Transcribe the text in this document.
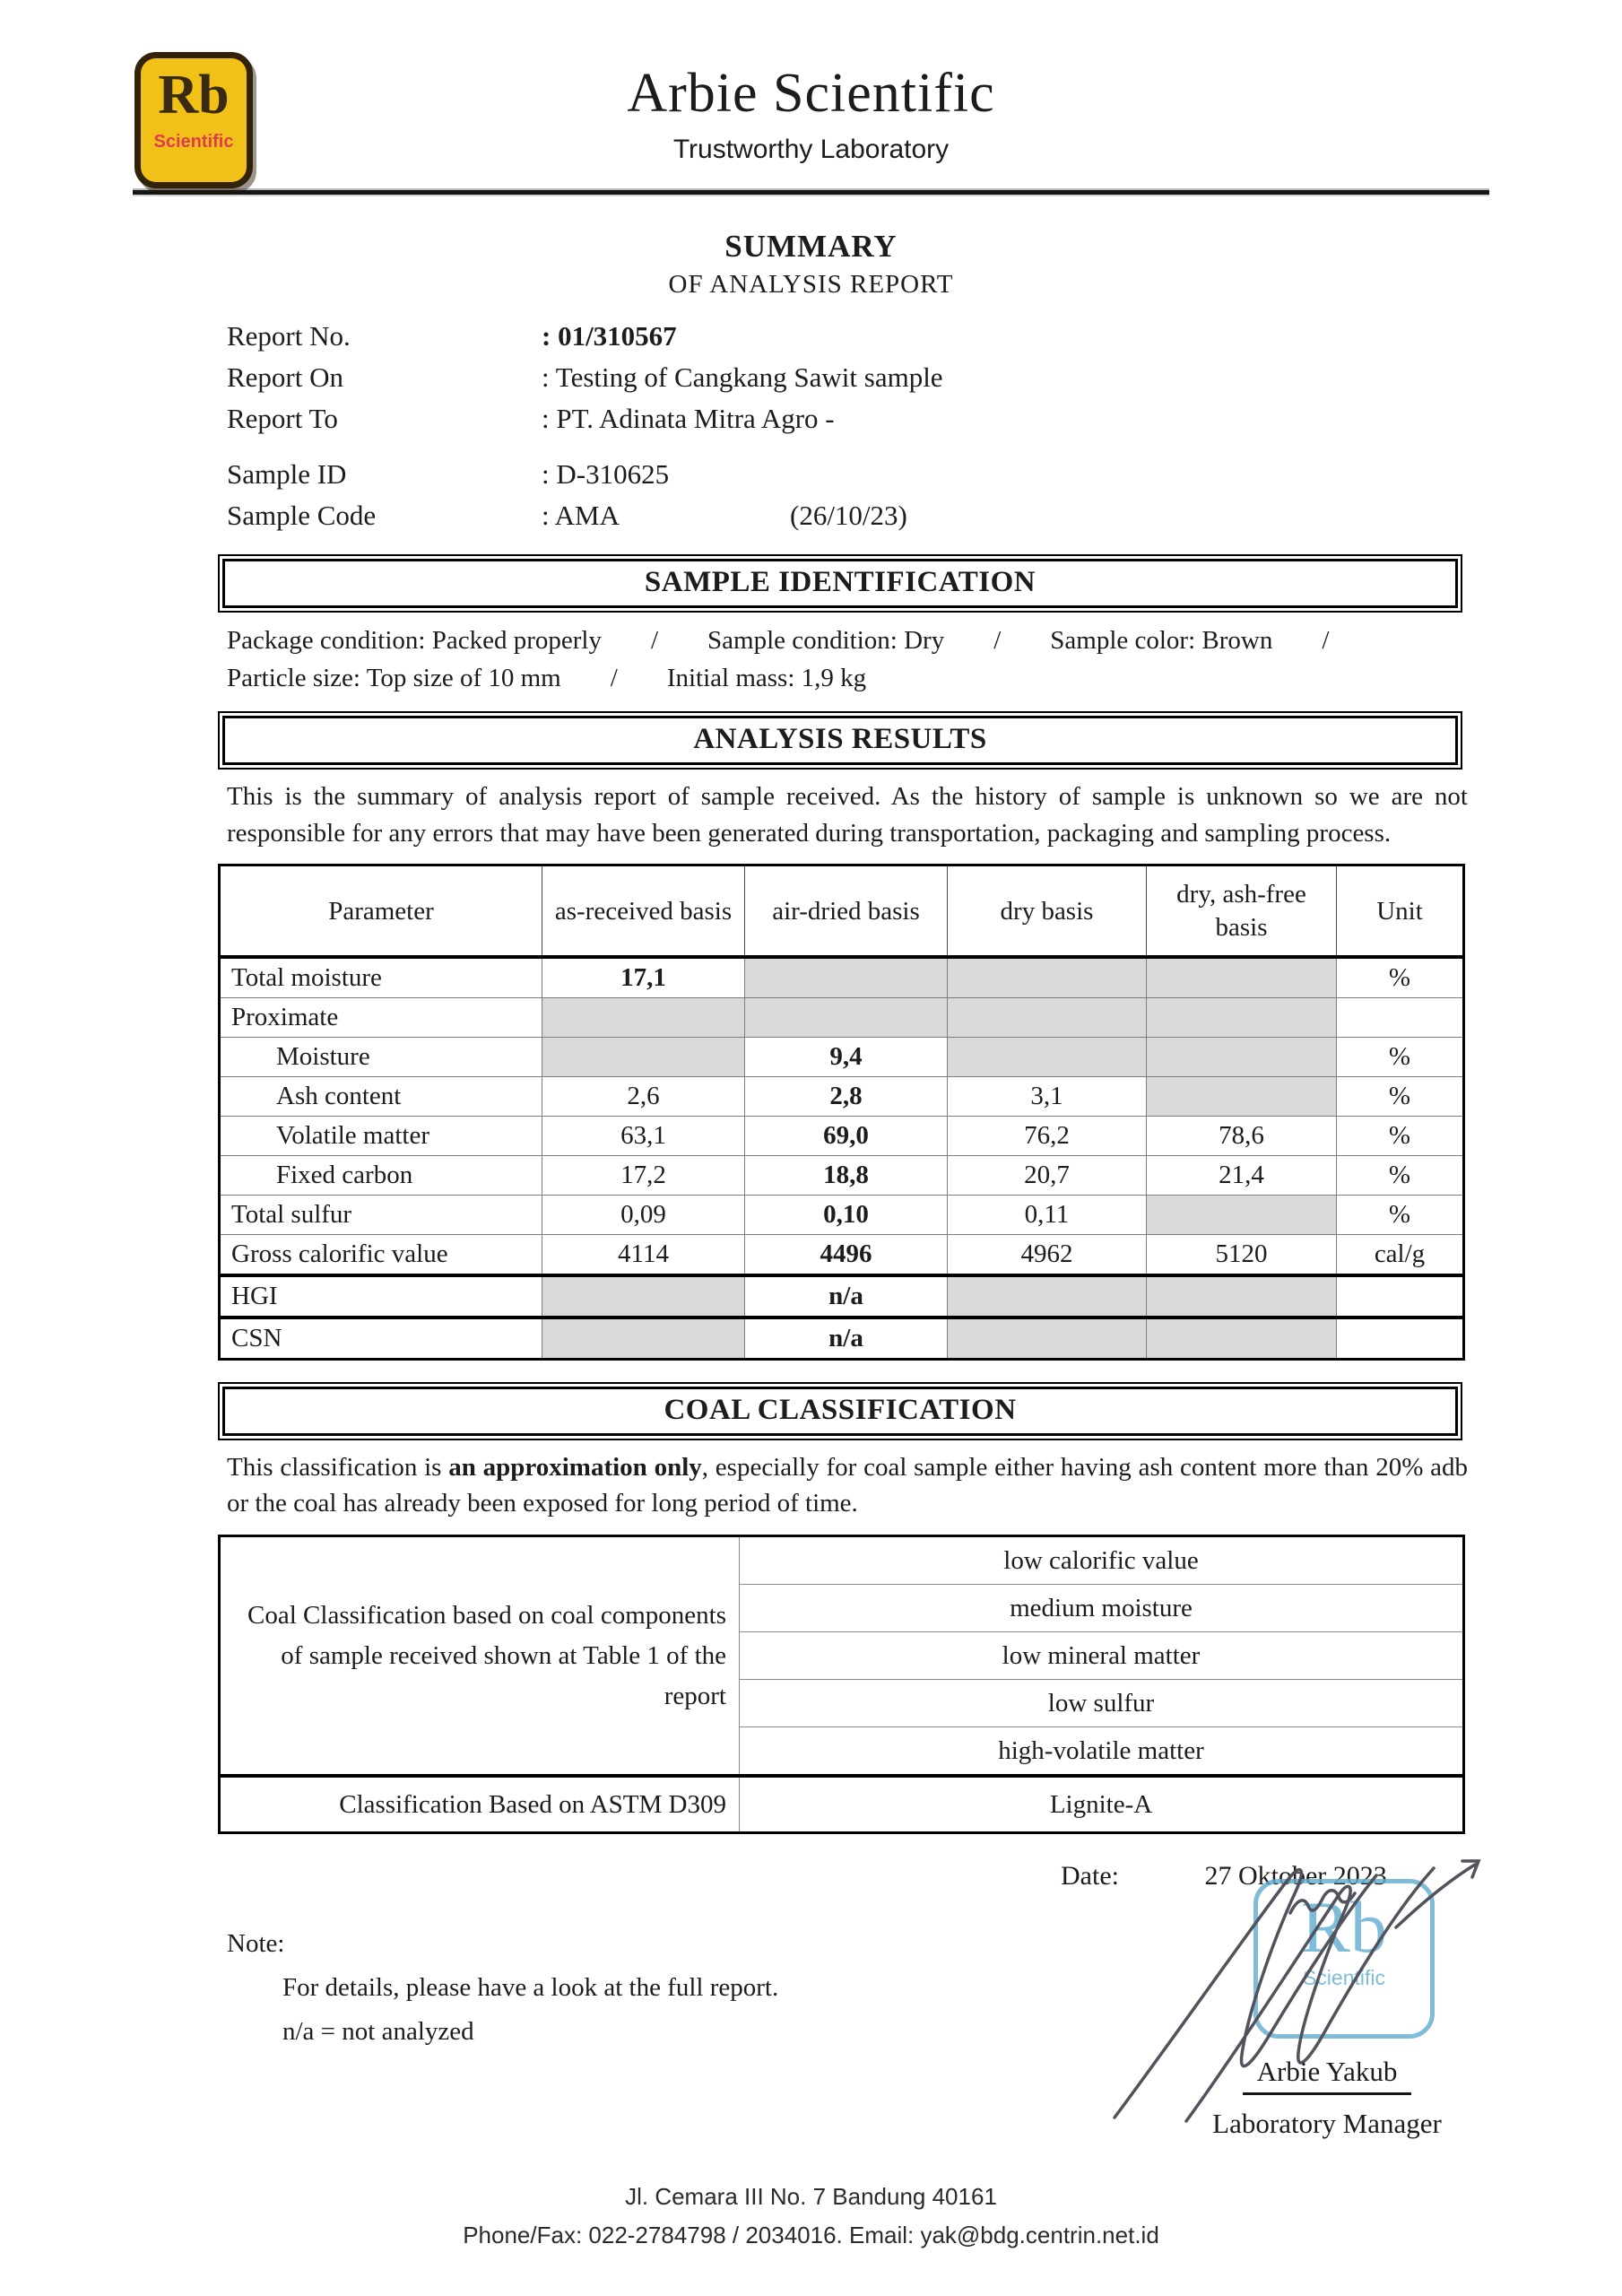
Rb
Scientific
Arbie Scientific
Trustworthy Laboratory
SUMMARY
OF ANALYSIS REPORT
Report No.	: 01/310567
Report On	: Testing of Cangkang Sawit sample
Report To	: PT. Adinata Mitra Agro -
Sample ID	: D-310625
Sample Code	: AMA	(26/10/23)
SAMPLE IDENTIFICATION
Package condition: Packed properly / Sample condition: Dry / Sample color: Brown /
Particle size: Top size of 10 mm / Initial mass: 1,9 kg
ANALYSIS RESULTS
This is the summary of analysis report of sample received. As the history of sample is unknown so we are not responsible for any errors that may have been generated during transportation, packaging and sampling process.
Parameter	as-received basis	air-dried basis	dry basis	dry, ash-free basis	Unit
Total moisture	17,1				%
Proximate					
Moisture		9,4			%
Ash content	2,6	2,8	3,1		%
Volatile matter	63,1	69,0	76,2	78,6	%
Fixed carbon	17,2	18,8	20,7	21,4	%
Total sulfur	0,09	0,10	0,11		%
Gross calorific value	4114	4496	4962	5120	cal/g
HGI		n/a			
CSN		n/a			
COAL CLASSIFICATION
This classification is an approximation only, especially for coal sample either having ash content more than 20% adb or the coal has already been exposed for long period of time.
Coal Classification based on coal components of sample received shown at Table 1 of the report	low calorific value
	medium moisture
	low mineral matter
	low sulfur
	high-volatile matter
Classification Based on ASTM D309	Lignite-A
Date:	27 Oktober 2023
Note:
For details, please have a look at the full report.
n/a = not analyzed
Rb
Scientific
Arbie Yakub
Laboratory Manager
Jl. Cemara III No. 7 Bandung 40161
Phone/Fax: 022-2784798 / 2034016. Email: yak@bdg.centrin.net.id
